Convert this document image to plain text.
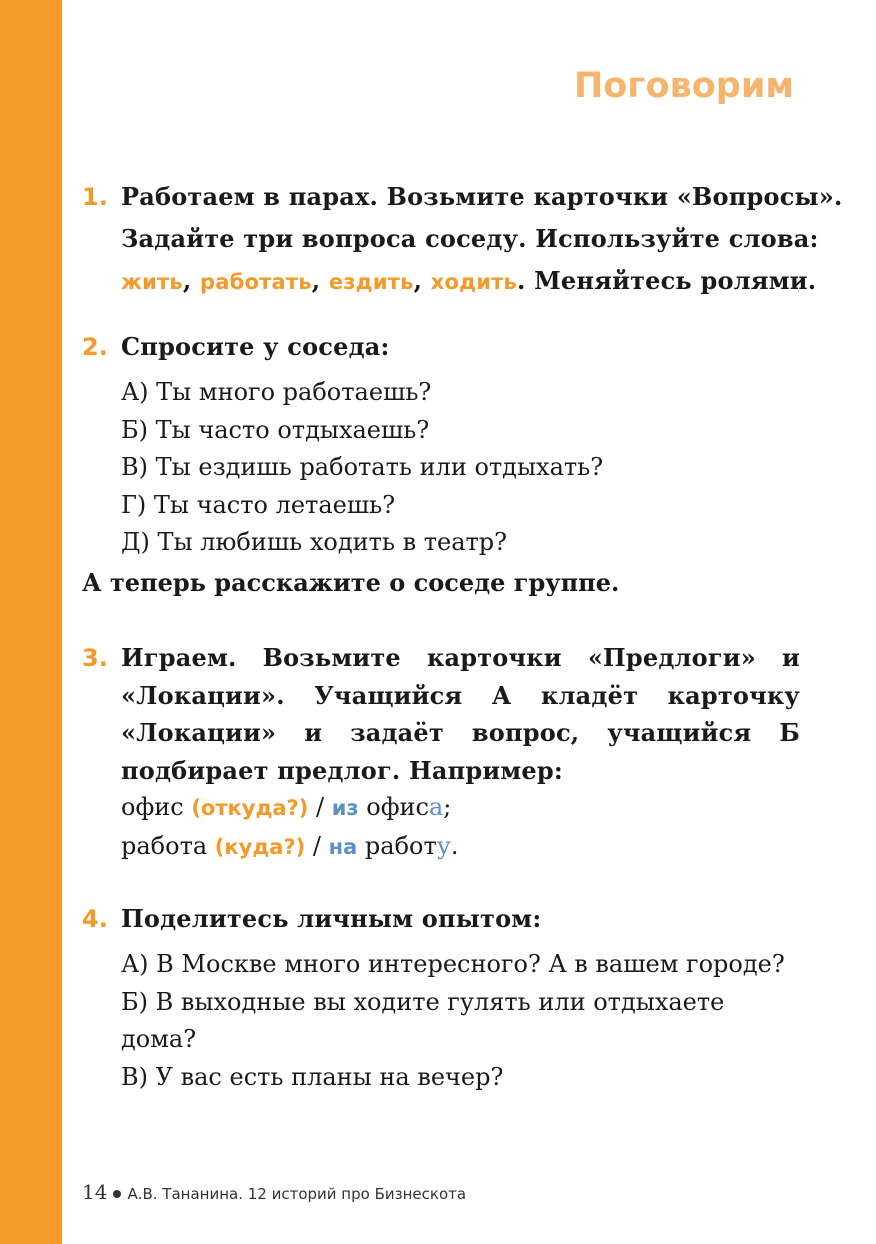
Поговорим
1. Работаем в парах. Возьмите карточки «Вопросы».
Задайте три вопроса соседу. Используйте слова:
жить, работать, ездить, ходить. Меняйтесь ролями.
2. Спросите у соседа:
А) Ты много работаешь?
Б) Ты часто отдыхаешь?
В) Ты ездишь работать или отдыхать?
Г) Ты часто летаешь?
Д) Ты любишь ходить в театр?
А теперь расскажите о соседе группе.
3. Играем. Возьмите карточки «Предлоги» и «Локации». Учащийся А кладёт карточку «Локации» и задаёт вопрос, учащийся Б подбирает предлог. Например:
офис (откуда?) / из офиса;
работа (куда?) / на работу.
4. Поделитесь личным опытом:
А) В Москве много интересного? А в вашем городе?
Б) В выходные вы ходите гулять или отдыхаете дома?
В) У вас есть планы на вечер?
14 А.В. Тананина. 12 историй про Бизнескота
